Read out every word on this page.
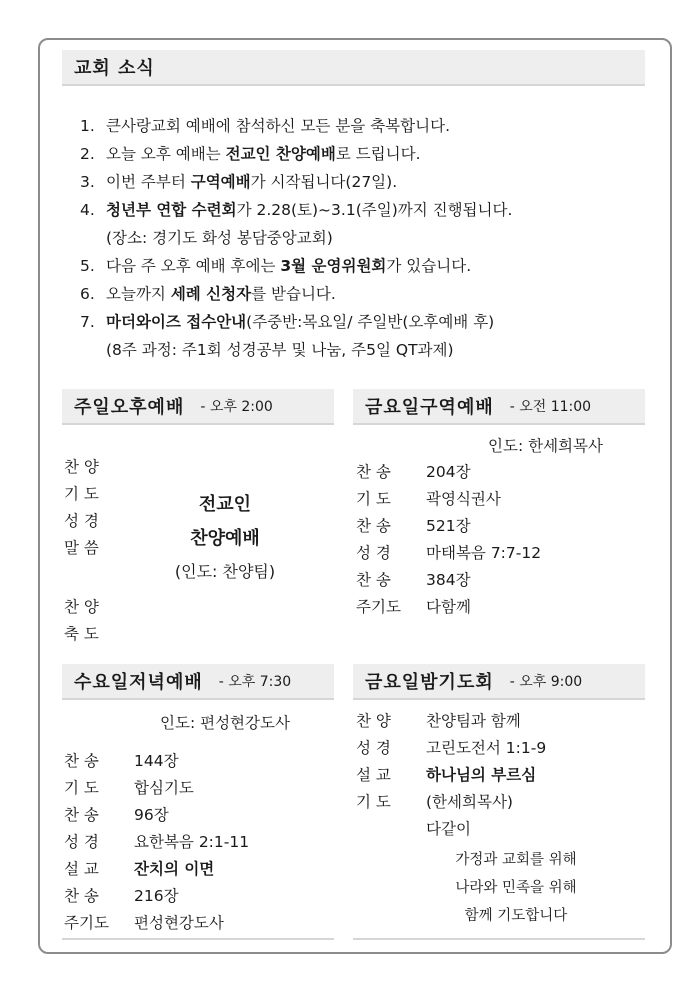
교회 소식
1. 큰사랑교회 예배에 참석하신 모든 분을 축복합니다.
2. 오늘 오후 예배는 전교인 찬양예배로 드립니다.
3. 이번 주부터 구역예배가 시작됩니다(27일).
4. 청년부 연합 수련회가 2.28(토)~3.1(주일)까지 진행됩니다.
(장소: 경기도 화성 봉담중앙교회)
5. 다음 주 오후 예배 후에는 3월 운영위원회가 있습니다.
6. 오늘까지 세례 신청자를 받습니다.
7. 마더와이즈 접수안내(주중반:목요일/ 주일반(오후예배 후)
(8주 과정: 주1회 성경공부 및 나눔, 주5일 QT과제)
주일오후예배 - 오후 2:00
찬 양
기 도
성 경
말 씀
찬 양
축 도
전교인
찬양예배
(인도: 찬양팀)
금요일구역예배 - 오전 11:00
인도: 한세희목사
찬 송	204장
기 도	곽영식권사
찬 송	521장
성 경	마태복음 7:7-12
찬 송	384장
주기도	다함께
수요일저녁예배 - 오후 7:30
인도: 편성현강도사
찬 송	144장
기 도	합심기도
찬 송	96장
성 경	요한복음 2:1-11
설 교	잔치의 이면
찬 송	216장
주기도	편성현강도사
금요일밤기도회 - 오후 9:00
찬 양	찬양팀과 함께
성 경	고린도전서 1:1-9
설 교	하나님의 부르심
기 도	(한세희목사)
다같이
가정과 교회를 위해
나라와 민족을 위해
함께 기도합니다
